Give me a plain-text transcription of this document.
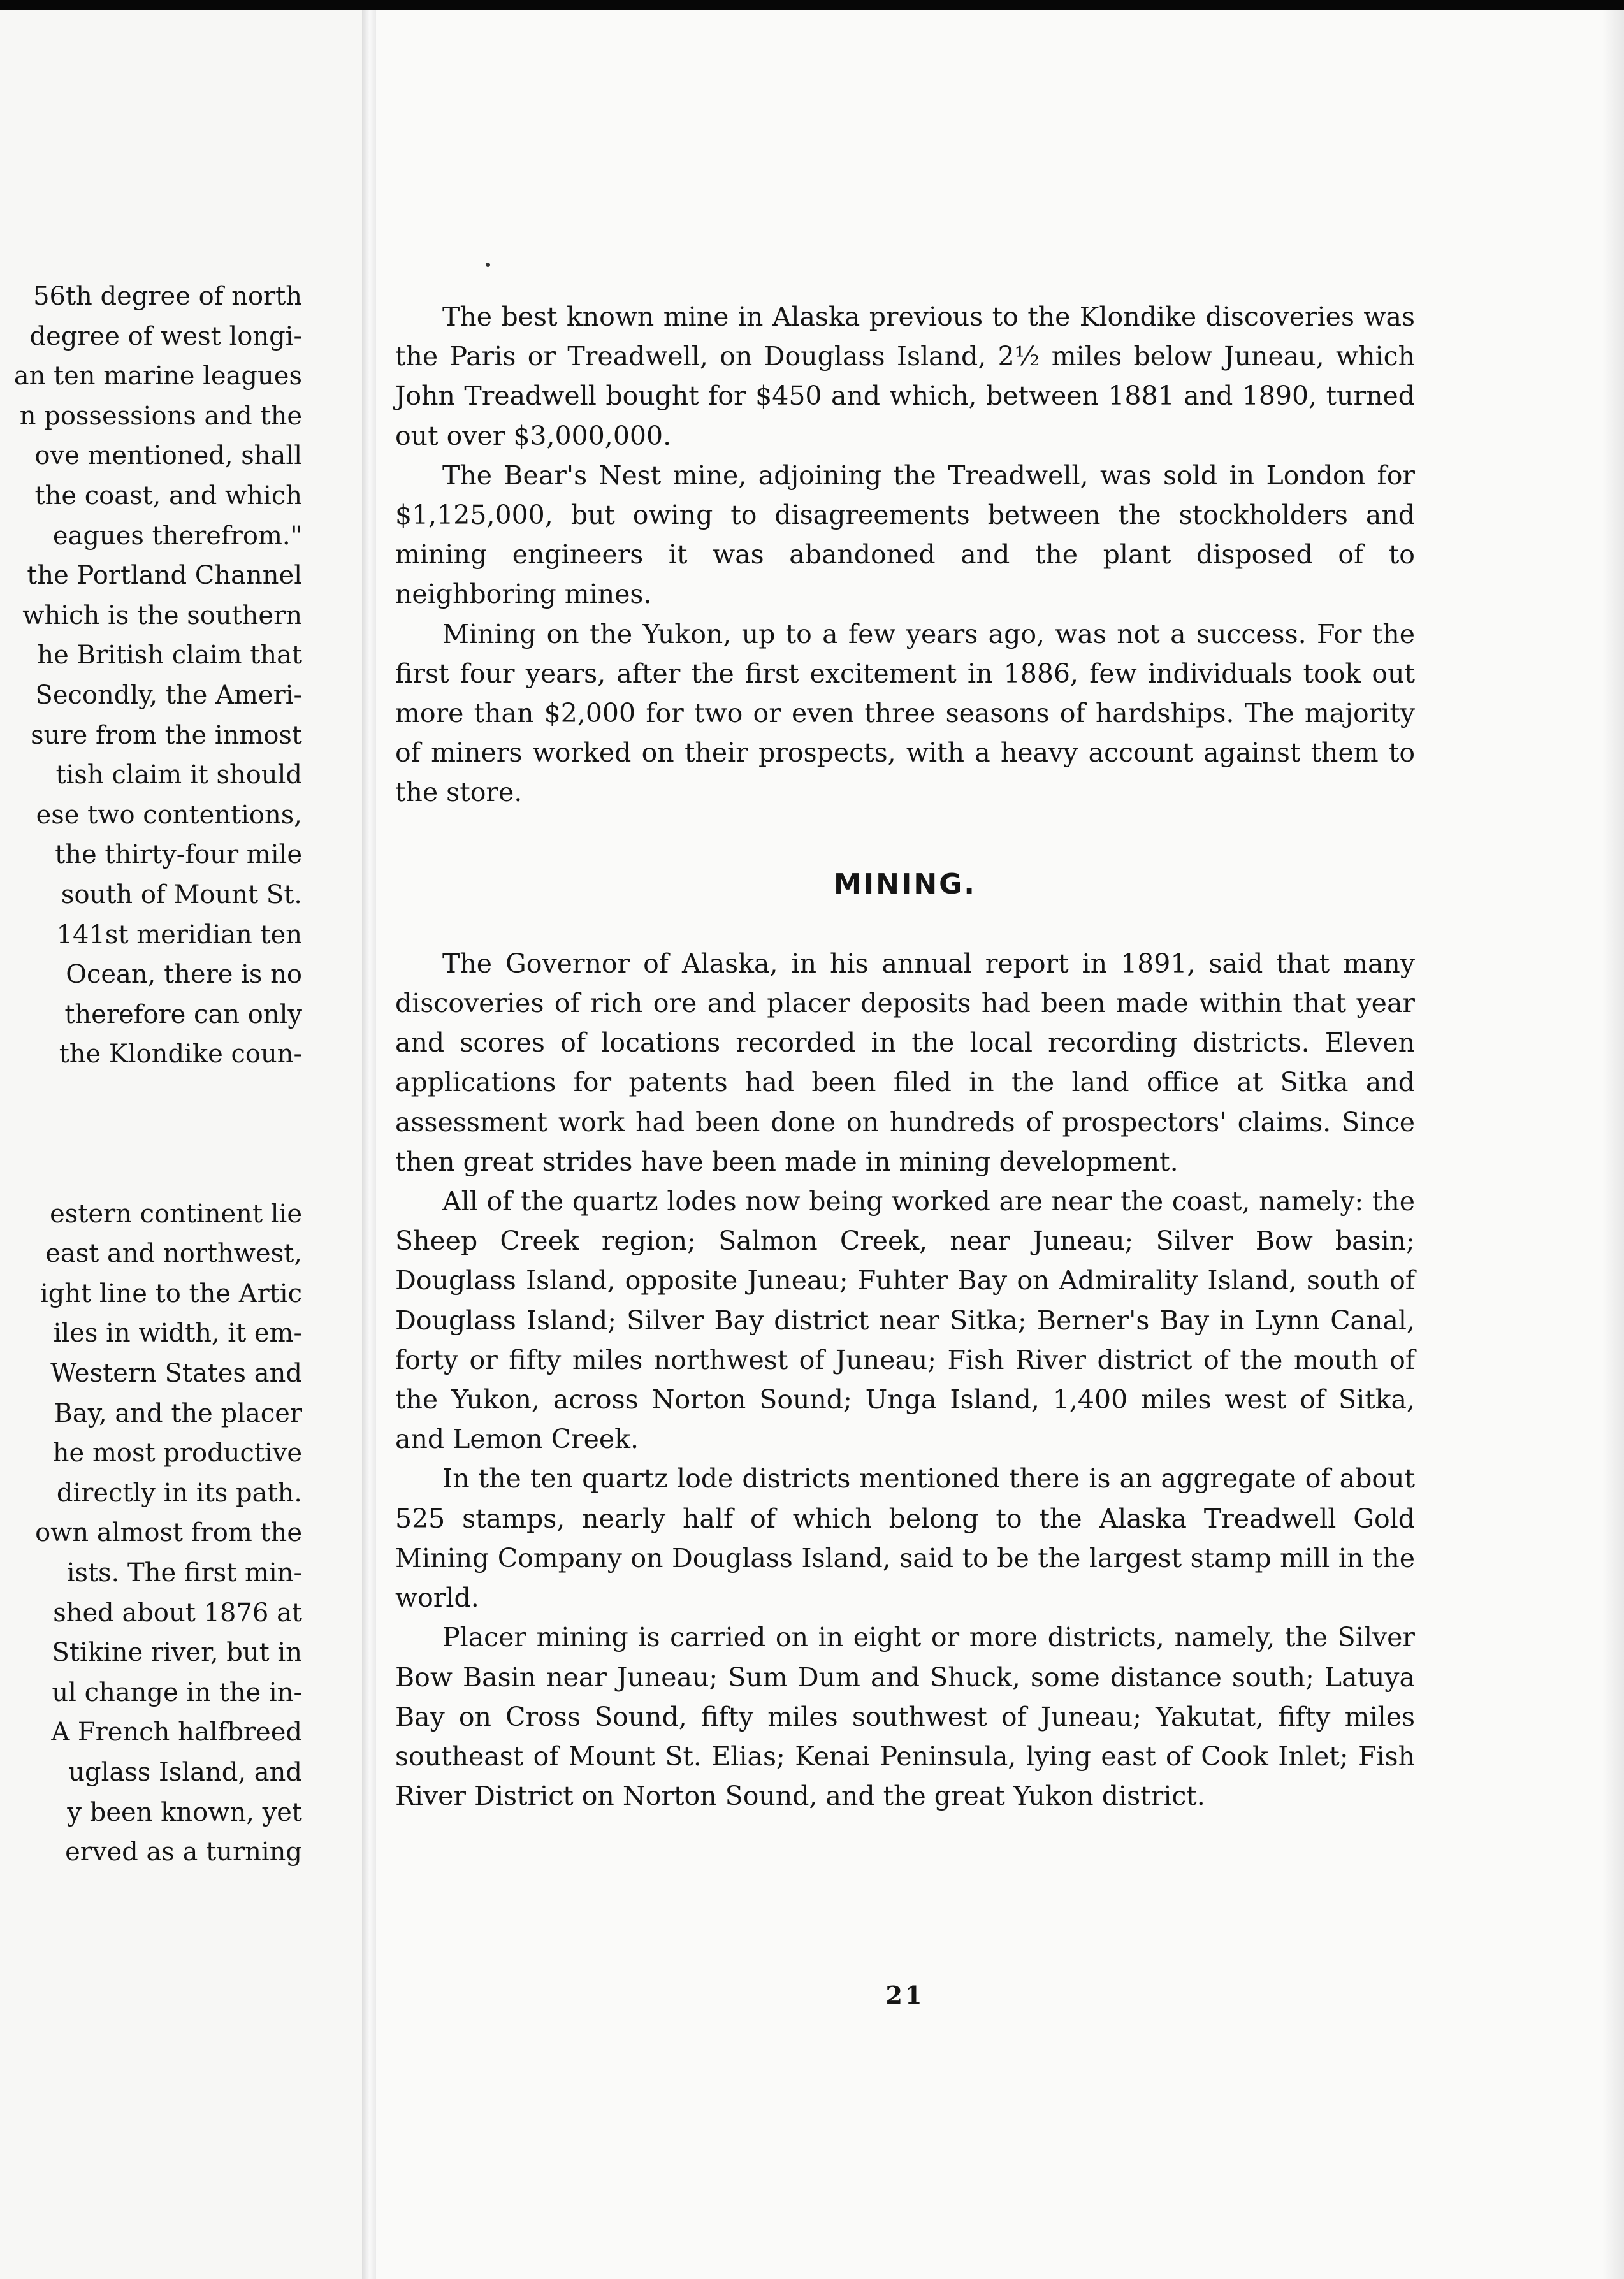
56th degree of north
degree of west longi-
an ten marine leagues
n possessions and the
ove mentioned, shall
the coast, and which
eagues therefrom."
the Portland Channel
which is the southern
he British claim that
Secondly, the Ameri-
sure from the inmost
tish claim it should
ese two contentions,
the thirty-four mile
south of Mount St.
141st meridian ten
Ocean, there is no
therefore can only
the Klondike coun-
estern continent lie
east and northwest,
ight line to the Artic
iles in width, it em-
Western States and
Bay, and the placer
he most productive
directly in its path.
own almost from the
ists. The first min-
shed about 1876 at
Stikine river, but in
ul change in the in-
A French halfbreed
uglass Island, and
y been known, yet
erved as a turning

The best known mine in Alaska previous to the Klondike discoveries was the Paris or Treadwell, on Douglass Island, 2½ miles below Juneau, which John Treadwell bought for $450 and which, between 1881 and 1890, turned out over $3,000,000.

The Bear's Nest mine, adjoining the Treadwell, was sold in London for $1,125,000, but owing to disagreements between the stockholders and mining engineers it was abandoned and the plant disposed of to neighboring mines.

Mining on the Yukon, up to a few years ago, was not a success. For the first four years, after the first excitement in 1886, few individuals took out more than $2,000 for two or even three seasons of hardships. The majority of miners worked on their prospects, with a heavy account against them to the store.

MINING.

The Governor of Alaska, in his annual report in 1891, said that many discoveries of rich ore and placer deposits had been made within that year and scores of locations recorded in the local recording districts. Eleven applications for patents had been filed in the land office at Sitka and assessment work had been done on hundreds of prospectors' claims. Since then great strides have been made in mining development.

All of the quartz lodes now being worked are near the coast, namely: the Sheep Creek region; Salmon Creek, near Juneau; Silver Bow basin; Douglass Island, opposite Juneau; Fuhter Bay on Admirality Island, south of Douglass Island; Silver Bay district near Sitka; Berner's Bay in Lynn Canal, forty or fifty miles northwest of Juneau; Fish River district of the mouth of the Yukon, across Norton Sound; Unga Island, 1,400 miles west of Sitka, and Lemon Creek.

In the ten quartz lode districts mentioned there is an aggregate of about 525 stamps, nearly half of which belong to the Alaska Treadwell Gold Mining Company on Douglass Island, said to be the largest stamp mill in the world.

Placer mining is carried on in eight or more districts, namely, the Silver Bow Basin near Juneau; Sum Dum and Shuck, some distance south; Latuya Bay on Cross Sound, fifty miles southwest of Juneau; Yakutat, fifty miles southeast of Mount St. Elias; Kenai Peninsula, lying east of Cook Inlet; Fish River District on Norton Sound, and the great Yukon district.

21
